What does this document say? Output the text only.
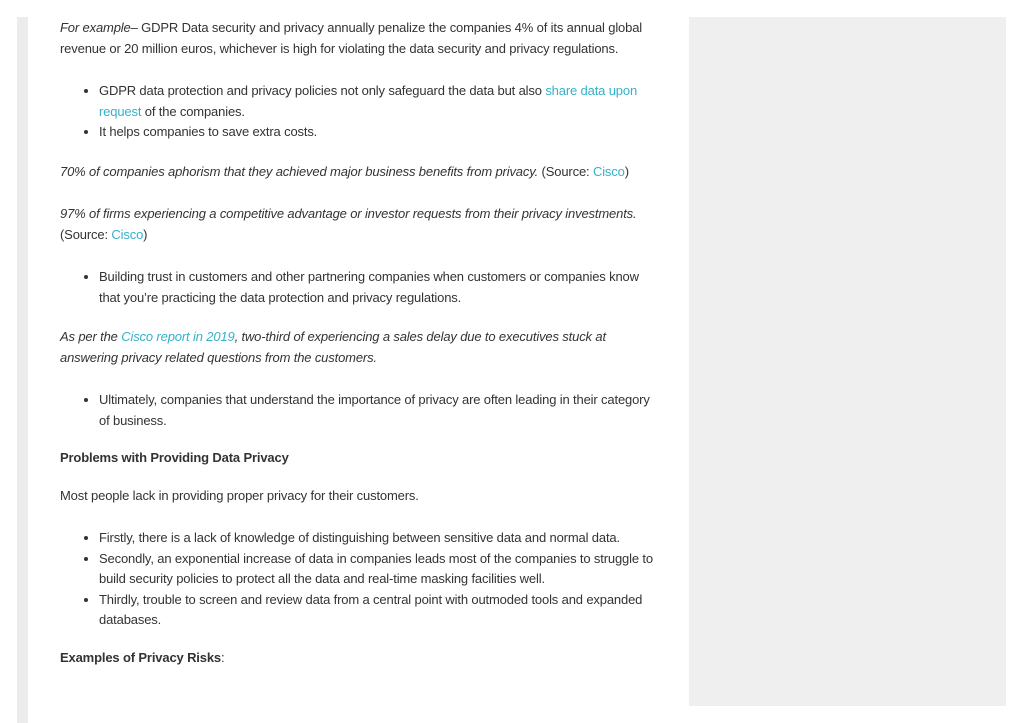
For example– GDPR Data security and privacy annually penalize the companies 4% of its annual global revenue or 20 million euros, whichever is high for violating the data security and privacy regulations.

• GDPR data protection and privacy policies not only safeguard the data but also share data upon request of the companies.
• It helps companies to save extra costs.

70% of companies aphorism that they achieved major business benefits from privacy. (Source: Cisco)

97% of firms experiencing a competitive advantage or investor requests from their privacy investments. (Source: Cisco)

• Building trust in customers and other partnering companies when customers or companies know that you’re practicing the data protection and privacy regulations.

As per the Cisco report in 2019, two-third of experiencing a sales delay due to executives stuck at answering privacy related questions from the customers.

• Ultimately, companies that understand the importance of privacy are often leading in their category of business.

Problems with Providing Data Privacy

Most people lack in providing proper privacy for their customers.

• Firstly, there is a lack of knowledge of distinguishing between sensitive data and normal data.
• Secondly, an exponential increase of data in companies leads most of the companies to struggle to build security policies to protect all the data and real-time masking facilities well.
• Thirdly, trouble to screen and review data from a central point with outmoded tools and expanded databases.

Examples of Privacy Risks:
